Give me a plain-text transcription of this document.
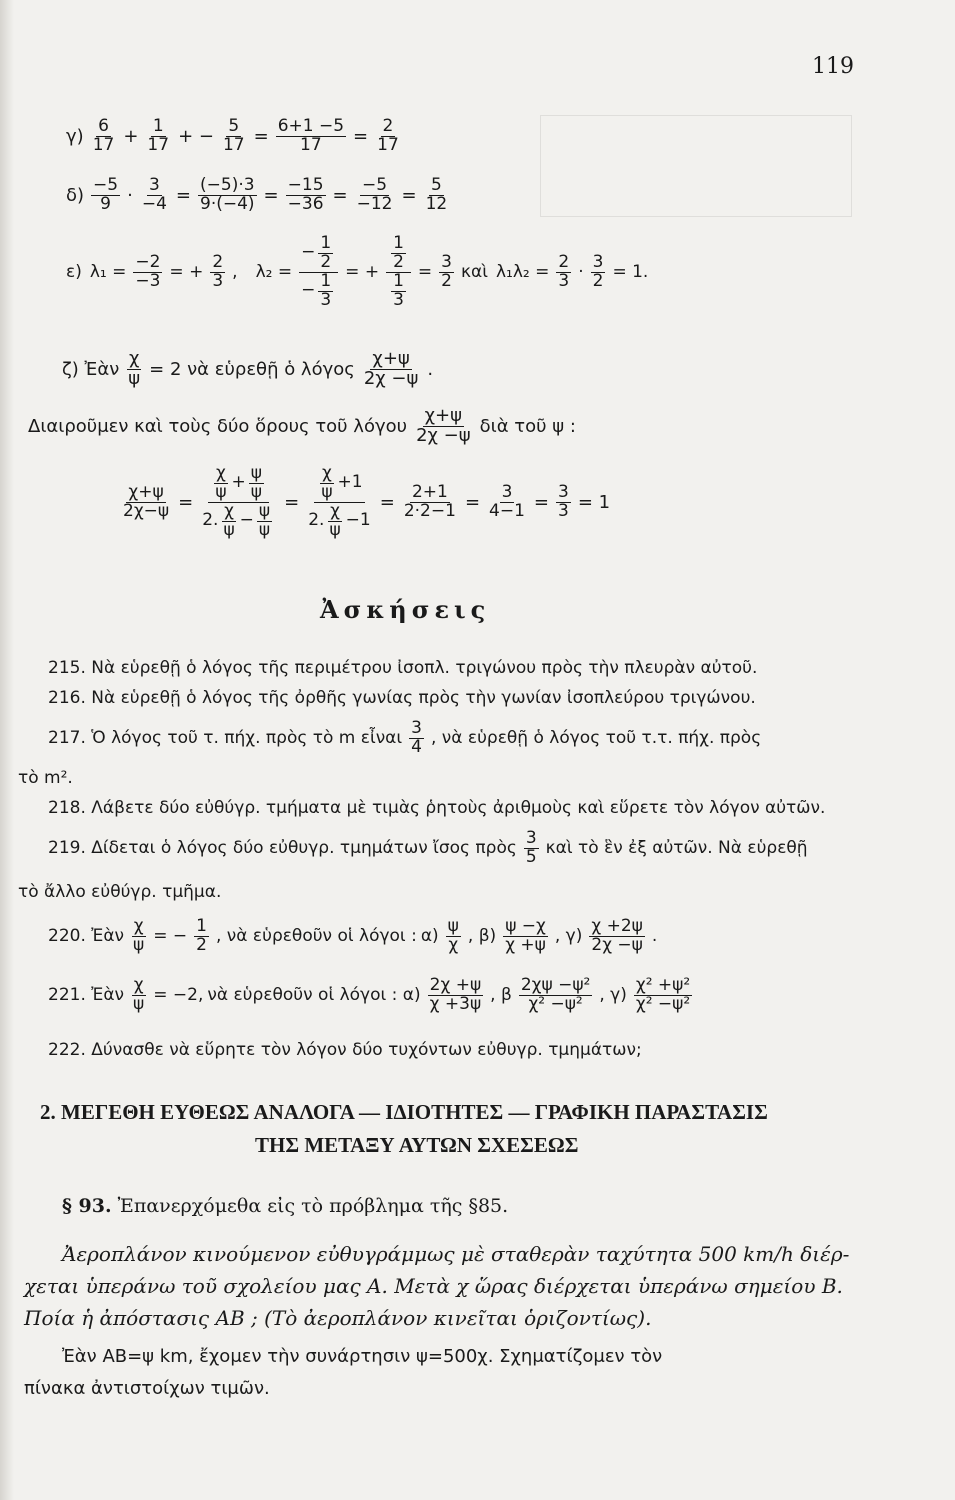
119
$\gamma) \frac{6}{17} + \frac{1}{17}$ + − $\frac{5}{17} = \frac{6+1 -5}{17} = \frac{2}{17}$
$\delta) \frac{-5}{9} \cdot \frac{3}{-4} = \frac{(-5)\cdot 3}{9\cdot(-4)} = \frac{-15}{-36} = \frac{-5}{-12} = \frac{5}{12}$
ε) $\lambda_1 = \frac{-2}{-3}$ = + $\frac{2}{3}$ , $\lambda_2 = \frac{- \frac{1}{2}}{- \frac{1}{3}}$ = + $\frac{\frac{1}{2}}{\frac{1}{3}} = \frac{3}{2}$ καὶ $\lambda_1\lambda_2 = \frac{2}{3} \cdot \frac{3}{2} = 1$.
ζ) Ἐὰν $\frac{\chi}{\psi} = 2$ νὰ εὑρεθῇ ὁ λόγος $\frac{\chi+\psi}{2\chi -\psi}$ .
Διαιροῦμεν καὶ τοὺς δύο ὅρους τοῦ λόγου $\frac{\chi+\psi}{2\chi -\psi}$ διὰ τοῦ ψ :
$\frac{\chi+\psi}{2\chi-\psi} = \frac{\frac{\chi}{\psi} + \frac{\psi}{\psi}}{2. \frac{\chi}{\psi} - \frac{\psi}{\psi}} = \frac{\frac{\chi}{\psi} +1}{2. \frac{\chi}{\psi} -1} = \frac{2+1}{2\cdot 2-1} = \frac{3}{4-1} = \frac{3}{3} = 1$
Ἀσκήσεις
215. Νὰ εὑρεθῇ ὁ λόγος τῆς περιμέτρου ἰσοπλ. τριγώνου πρὸς τὴν πλευρὰν αὐτοῦ.
216. Νὰ εὑρεθῇ ὁ λόγος τῆς ὀρθῆς γωνίας πρὸς τὴν γωνίαν ἰσοπλεύρου τριγώνου.
217. Ὁ λόγος τοῦ τ. πήχ. πρὸς τὸ m εἶναι $\frac{3}{4}$ , νὰ εὑρεθῇ ὁ λόγος τοῦ τ.τ. πήχ. πρὸς
τὸ m².
218. Λάβετε δύο εὐθύγρ. τμήματα μὲ τιμὰς ῥητοὺς ἀριθμοὺς καὶ εὕρετε τὸν λόγον αὐτῶν.
219. Δίδεται ὁ λόγος δύο εὐθυγρ. τμημάτων ἴσος πρὸς $\frac{3}{5}$ καὶ τὸ ἓν ἐξ αὐτῶν. Νὰ εὑρεθῇ
τὸ ἄλλο εὐθύγρ. τμῆμα.
220. Ἐὰν $\frac{\chi}{\psi}$ = − $\frac{1}{2}$ , νὰ εὑρεθοῦν οἱ λόγοι : $\alpha) \frac{\psi}{\chi}$ , $\beta) \frac{\psi -\chi}{\chi +\psi}$ , $\gamma) \frac{\chi +2\psi}{2\chi -\psi}$ .
221. Ἐὰν $\frac{\chi}{\psi} = -2$, νὰ εὑρεθοῦν οἱ λόγοι : $\alpha) \frac{2\chi +\psi}{\chi +3\psi}$ , β $\frac{\text{2χψ −ψ²}}{\text{χ² −ψ²}}$ , $\gamma) \frac{\text{χ² +ψ²}}{\text{χ² −ψ²}}$
222. Δύνασθε νὰ εὕρητε τὸν λόγον δύο τυχόντων εὐθυγρ. τμημάτων;
2. ΜΕΓΕΘΗ ΕΥΘΕΩΣ ΑΝΑΛΟΓΑ — ΙΔΙΟΤΗΤΕΣ — ΓΡΑΦΙΚΗ ΠΑΡΑΣΤΑΣΙΣ
ΤΗΣ ΜΕΤΑΞΥ ΑΥΤΩΝ ΣΧΕΣΕΩΣ
§ 93. Ἐπανερχόμεθα εἰς τὸ πρόβλημα τῆς §85.
Ἀεροπλάνον κινούμενον εὐθυγράμμως μὲ σταθερὰν ταχύτητα 500 km/h διέρ-
χεται ὑπεράνω τοῦ σχολείου μας Α. Μετὰ χ ὥρας διέρχεται ὑπεράνω σημείου Β.
Ποία ἡ ἀπόστασις ΑΒ ; (Τὸ ἀεροπλάνον κινεῖται ὁριζοντίως).
Ἐὰν ΑΒ=ψ km, ἔχομεν τὴν συνάρτησιν ψ=500χ. Σχηματίζομεν τὸν
πίνακα ἀντιστοίχων τιμῶν.
